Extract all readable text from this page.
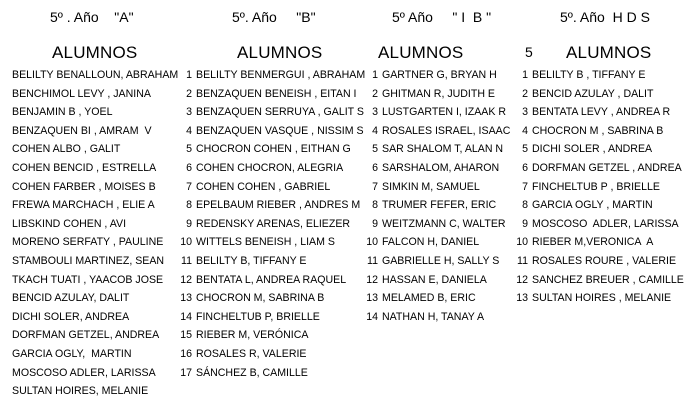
5º . Año    "A"
ALUMNOS
BELILTY BENALLOUN, ABRAHAM
BENCHIMOL LEVY , JANINA
BENJAMIN B , YOEL
BENZAQUEN BI , AMRAM  V
COHEN ALBO , GALIT
COHEN BENCID , ESTRELLA
COHEN FARBER , MOISES B
FREWA MARCHACH , ELIE A
LIBSKIND COHEN , AVI
MORENO SERFATY , PAULINE
STAMBOULI MARTINEZ, SEAN
TKACH TUATI , YAACOB JOSE
BENCID AZULAY, DALIT
DICHI SOLER, ANDREA
DORFMAN GETZEL, ANDREA
GARCIA OGLY,  MARTIN
MOSCOSO ADLER, LARISSA
SULTAN HOIRES, MELANIE
5º. Año     "B"
ALUMNOS
1 BELILTY BENMERGUI , ABRAHAM
2 BENZAQUEN BENEISH , EITAN I
3 BENZAQUEN SERRUYA , GALIT S
4 BENZAQUEN VASQUE , NISSIM S
5 CHOCRON COHEN , EITHAN G
6 COHEN CHOCRON, ALEGRIA
7 COHEN COHEN , GABRIEL
8 EPELBAUM RIEBER , ANDRES M
9 REDENSKY ARENAS, ELIEZER
10 WITTELS BENEISH , LIAM S
11 BELILTY B, TIFFANY E
12 BENTATA L, ANDREA RAQUEL
13 CHOCRON M, SABRINA B
14 FINCHELTUB P, BRIELLE
15 RIEBER M, VERÓNICA
16 ROSALES R, VALERIE
17 SÁNCHEZ B, CAMILLE
5º Año     " I  B "
ALUMNOS
1 GARTNER G, BRYAN H
2 GHITMAN R, JUDITH E
3 LUSTGARTEN I, IZAAK R
4 ROSALES ISRAEL, ISAAC
5 SAR SHALOM T, ALAN N
6 SARSHALOM, AHARON
7 SIMKIN M, SAMUEL
8 TRUMER FEFER, ERIC
9 WEITZMANN C, WALTER
10 FALCON H, DANIEL
11 GABRIELLE H, SALLY S
12 HASSAN E, DANIELA
13 MELAMED B, ERIC
14 NATHAN H, TANAY A
5º. Año  H D S
ALUMNOS
1 BELILTY B , TIFFANY E
2 BENCID AZULAY , DALIT
3 BENTATA LEVY , ANDREA R
4 CHOCRON M , SABRINA B
5 DICHI SOLER , ANDREA
6 DORFMAN GETZEL , ANDREA
7 FINCHELTUB P , BRIELLE
8 GARCIA OGLY , MARTIN
9 MOSCOSO  ADLER, LARISSA
10 RIEBER M,VERONICA  A
11 ROSALES ROURE , VALERIE
12 SANCHEZ BREUER , CAMILLE
13 SULTAN HOIRES , MELANIE
5
